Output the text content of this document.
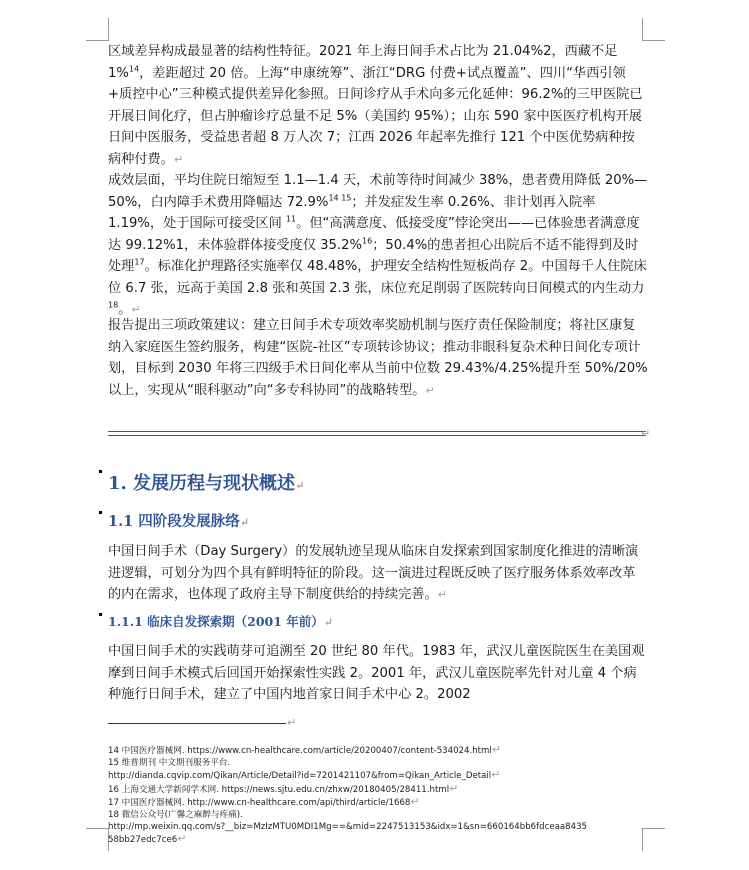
区域差异构成最显著的结构性特征。2021 年上海日间手术占比为 21.04%2，西藏不足 1%$^{14}$，差距超过 20 倍。上海“申康统筹”、浙江“DRG 付费+试点覆盖”、四川“华西引领+质控中心”三种模式提供差异化参照。日间诊疗从手术向多元化延伸：96.2%的三甲医院已开展日间化疗，但占肿瘤诊疗总量不足 5%（美国约 95%）；山东 590 家中医医疗机构开展日间中医服务，受益患者超 8 万人次 7；江西 2026 年起率先推行 121 个中医优势病种按病种付费。↵

成效层面，平均住院日缩短至 1.1—1.4 天，术前等待时间减少 38%，患者费用降低 20%—50%，白内障手术费用降幅达 72.9%$^{14 15}$；并发症发生率 0.26%、非计划再入院率 1.19%，处于国际可接受区间 $^{11}$。但“高满意度、低接受度”悖论突出——已体验患者满意度达 99.12%1，未体验群体接受度仅 35.2%$^{16}$；50.4%的患者担心出院后不适不能得到及时处理$^{17}$。标准化护理路径实施率仅 48.48%，护理安全结构性短板尚存 2。中国每千人住院床位 6.7 张，远高于美国 2.8 张和英国 2.3 张，床位充足削弱了医院转向日间模式的内生动力$^{18}$。↵

报告提出三项政策建议：建立日间手术专项效率奖励机制与医疗责任保险制度；将社区康复纳入家庭医生签约服务，构建“医院-社区”专项转诊协议；推动非眼科复杂术种日间化专项计划，目标到 2030 年将三四级手术日间化率从当前中位数 29.43%/4.25%提升至 50%/20%以上，实现从“眼科驱动”向“多专科协同”的战略转型。↵

↵
1. 发展历程与现状概述↵
1.1 四阶段发展脉络↵

中国日间手术（Day Surgery）的发展轨迹呈现从临床自发探索到国家制度化推进的清晰演进逻辑，可划分为四个具有鲜明特征的阶段。这一演进过程既反映了医疗服务体系效率改革的内在需求，也体现了政府主导下制度供给的持续完善。↵

1.1.1 临床自发探索期（2001 年前）↵

中国日间手术的实践萌芽可追溯至 20 世纪 80 年代。1983 年，武汉儿童医院医生在美国观摩到日间手术模式后回国开始探索性实践 2。2001 年，武汉儿童医院率先针对儿童 4 个病种施行日间手术，建立了中国内地首家日间手术中心 2。2002

↵
14 中国医疗器械网. https://www.cn-healthcare.com/article/20200407/content-534024.html↵
15 维普期刊 中文期刊服务平台.
http://dianda.cqvip.com/Qikan/Article/Detail?id=7201421107&from=Qikan_Article_Detail↵
16 上海交通大学新闻学术网. https://news.sjtu.edu.cn/zhxw/20180405/28411.html↵
17 中国医疗器械网. http://www.cn-healthcare.com/api/third/article/1668↵
18 微信公众号(广馨之麻醉与疼痛).
http://mp.weixin.qq.com/s?__biz=MzIzMTU0MDI1Mg==&mid=2247513153&idx=1&sn=660164bb6fdceaa8435
58bb27edc7ce6↵
